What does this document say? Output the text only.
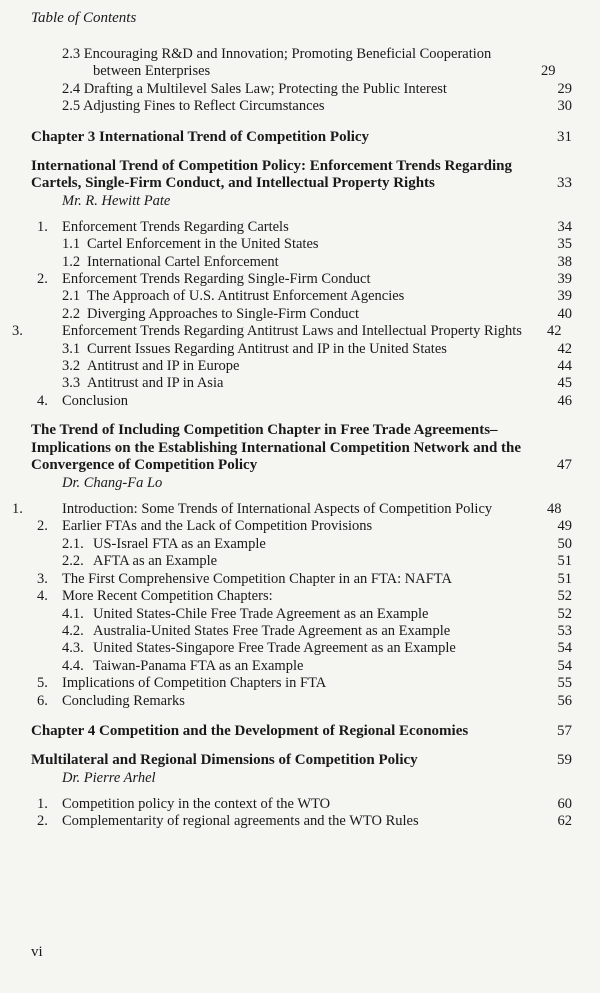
Table of Contents
2.3 Encouraging R&D and Innovation; Promoting Beneficial Cooperation between Enterprises	29
2.4 Drafting a Multilevel Sales Law; Protecting the Public Interest	29
2.5 Adjusting Fines to Reflect Circumstances	30
Chapter 3 International Trend of Competition Policy	31
International Trend of Competition Policy: Enforcement Trends Regarding Cartels, Single-Firm Conduct, and Intellectual Property Rights	33
Mr. R. Hewitt Pate
1. Enforcement Trends Regarding Cartels	34
1.1 Cartel Enforcement in the United States	35
1.2 International Cartel Enforcement	38
2. Enforcement Trends Regarding Single-Firm Conduct	39
2.1 The Approach of U.S. Antitrust Enforcement Agencies	39
2.2 Diverging Approaches to Single-Firm Conduct	40
3.	Enforcement Trends Regarding Antitrust Laws and Intellectual Property Rights	42
3.1 Current Issues Regarding Antitrust and IP in the United States	42
3.2 Antitrust and IP in Europe	44
3.3 Antitrust and IP in Asia	45
4. Conclusion	46
The Trend of Including Competition Chapter in Free Trade Agreements–Implications on the Establishing International Competition Network and the Convergence of Competition Policy	47
Dr. Chang-Fa Lo
1.	Introduction: Some Trends of International Aspects of Competition Policy	48
2. Earlier FTAs and the Lack of Competition Provisions	49
2.1. US-Israel FTA as an Example	50
2.2. AFTA as an Example	51
3. The First Comprehensive Competition Chapter in an FTA: NAFTA	51
4. More Recent Competition Chapters:	52
4.1. United States-Chile Free Trade Agreement as an Example	52
4.2. Australia-United States Free Trade Agreement as an Example	53
4.3. United States-Singapore Free Trade Agreement as an Example	54
4.4. Taiwan-Panama FTA as an Example	54
5. Implications of Competition Chapters in FTA	55
6. Concluding Remarks	56
Chapter 4 Competition and the Development of Regional Economies	57
Multilateral and Regional Dimensions of Competition Policy	59
Dr. Pierre Arhel
1. Competition policy in the context of the WTO	60
2. Complementarity of regional agreements and the WTO Rules	62
vi
